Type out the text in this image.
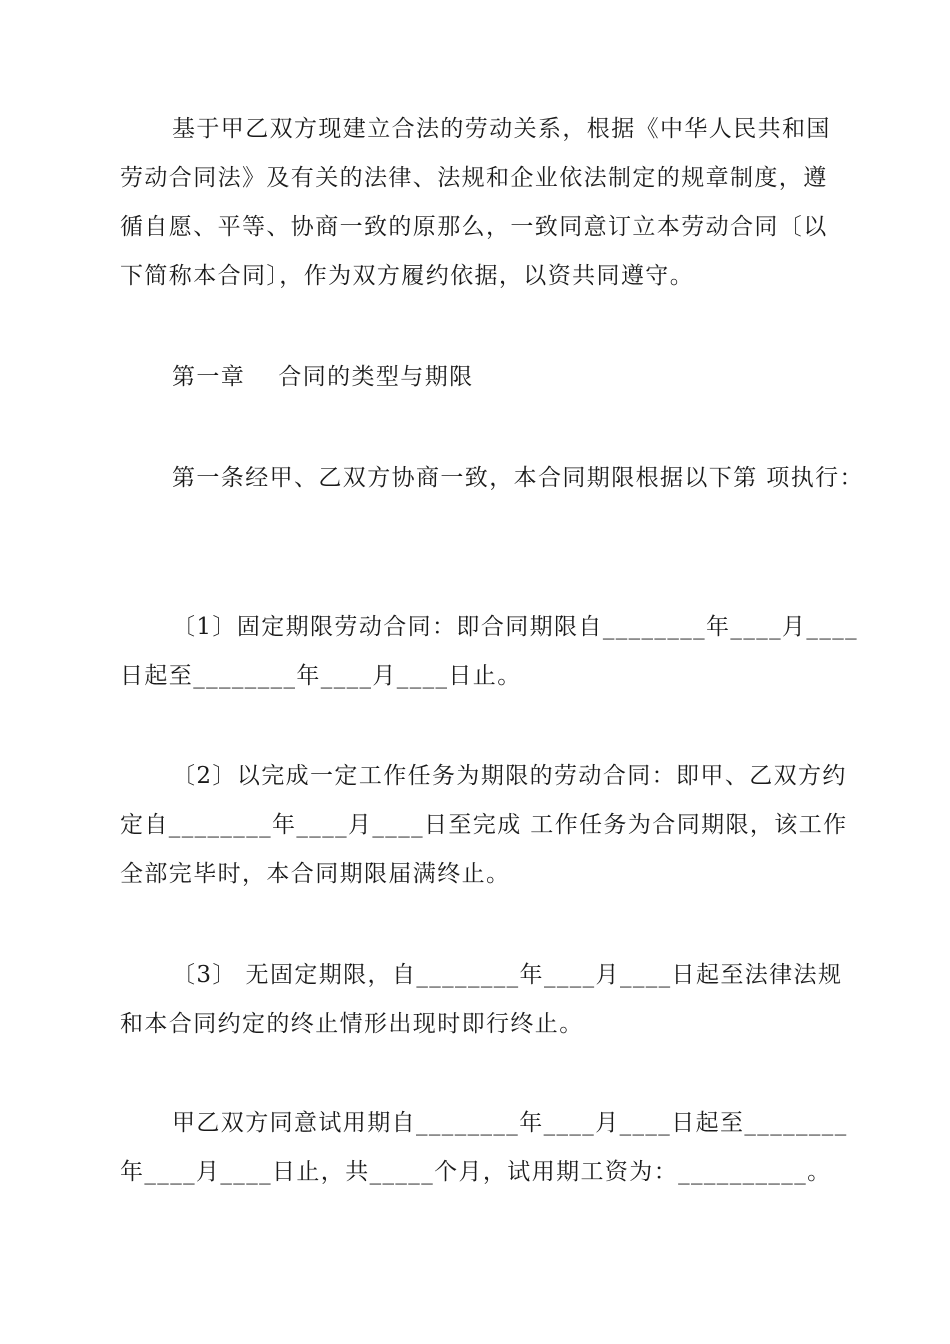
基于甲乙双方现建立合法的劳动关系，根据《中华人民共和国
劳动合同法》及有关的法律、法规和企业依法制定的规章制度，遵
循自愿、平等、协商一致的原那么，一致同意订立本劳动合同〔以
下简称本合同〕，作为双方履约依据，以资共同遵守。
第一章　 合同的类型与期限
第一条经甲、乙双方协商一致，本合同期限根据以下第 项执行：
〔1〕固定期限劳动合同：即合同期限自________年____月____
日起至________年____月____日止。
〔2〕以完成一定工作任务为期限的劳动合同：即甲、乙双方约
定自________年____月____日至完成 工作任务为合同期限，该工作
全部完毕时，本合同期限届满终止。
〔3〕 无固定期限，自________年____月____日起至法律法规
和本合同约定的终止情形出现时即行终止。
甲乙双方同意试用期自________年____月____日起至________
年____月____日止，共_____个月，试用期工资为：__________。
